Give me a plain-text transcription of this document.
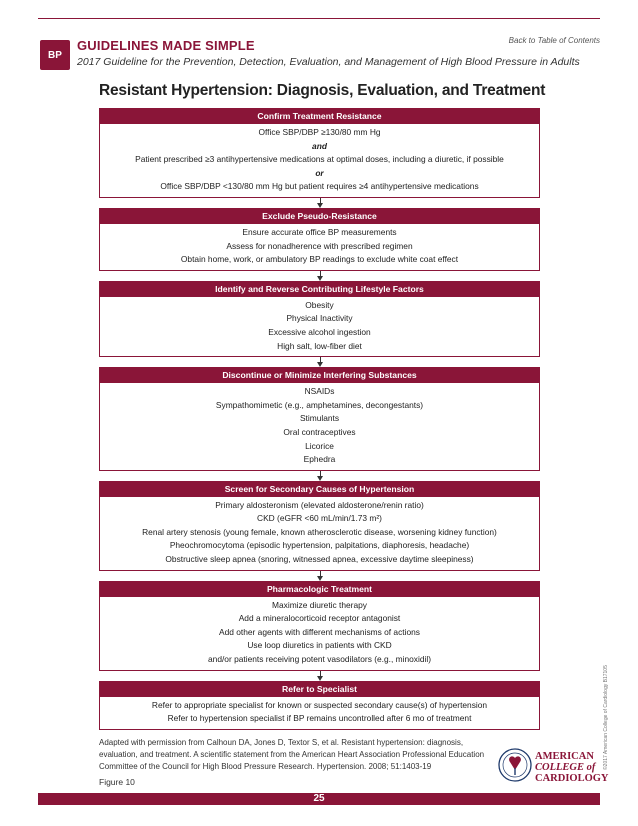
Back to Table of Contents
BP
GUIDELINES MADE SIMPLE
2017 Guideline for the Prevention, Detection, Evaluation, and Management of High Blood Pressure in Adults
Resistant Hypertension: Diagnosis, Evaluation, and Treatment
Confirm Treatment Resistance
Office SBP/DBP ≥130/80 mm Hg
and
Patient prescribed ≥3 antihypertensive medications at optimal doses, including a diuretic, if possible
or
Office SBP/DBP <130/80 mm Hg but patient requires ≥4 antihypertensive medications
Exclude Pseudo-Resistance
Ensure accurate office BP measurements
Assess for nonadherence with prescribed regimen
Obtain home, work, or ambulatory BP readings to exclude white coat effect
Identify and Reverse Contributing Lifestyle Factors
Obesity
Physical Inactivity
Excessive alcohol ingestion
High salt, low-fiber diet
Discontinue or Minimize Interfering Substances
NSAIDs
Sympathomimetic (e.g., amphetamines, decongestants)
Stimulants
Oral contraceptives
Licorice
Ephedra
Screen for Secondary Causes of Hypertension
Primary aldosteronism (elevated aldosterone/renin ratio)
CKD (eGFR <60 mL/min/1.73 m²)
Renal artery stenosis (young female, known atherosclerotic disease, worsening kidney function)
Pheochromocytoma (episodic hypertension, palpitations, diaphoresis, headache)
Obstructive sleep apnea (snoring, witnessed apnea, excessive daytime sleepiness)
Pharmacologic Treatment
Maximize diuretic therapy
Add a mineralocorticoid receptor antagonist
Add other agents with different mechanisms of actions
Use loop diuretics in patients with CKD
and/or patients receiving potent vasodilators (e.g., minoxidil)
Refer to Specialist
Refer to appropriate specialist for known or suspected secondary cause(s) of hypertension
Refer to hypertension specialist if BP remains uncontrolled after 6 mo of treatment
Adapted with permission from Calhoun DA, Jones D, Textor S, et al. Resistant hypertension: diagnosis, evaluation, and treatment. A scientific statement from the American Heart Association Professional Education Committee of the Council for High Blood Pressure Research. Hypertension. 2008; 51:1403-19
Figure 10
©2017 American College of Cardiology B17105
AMERICAN
COLLEGE of
CARDIOLOGY
25
